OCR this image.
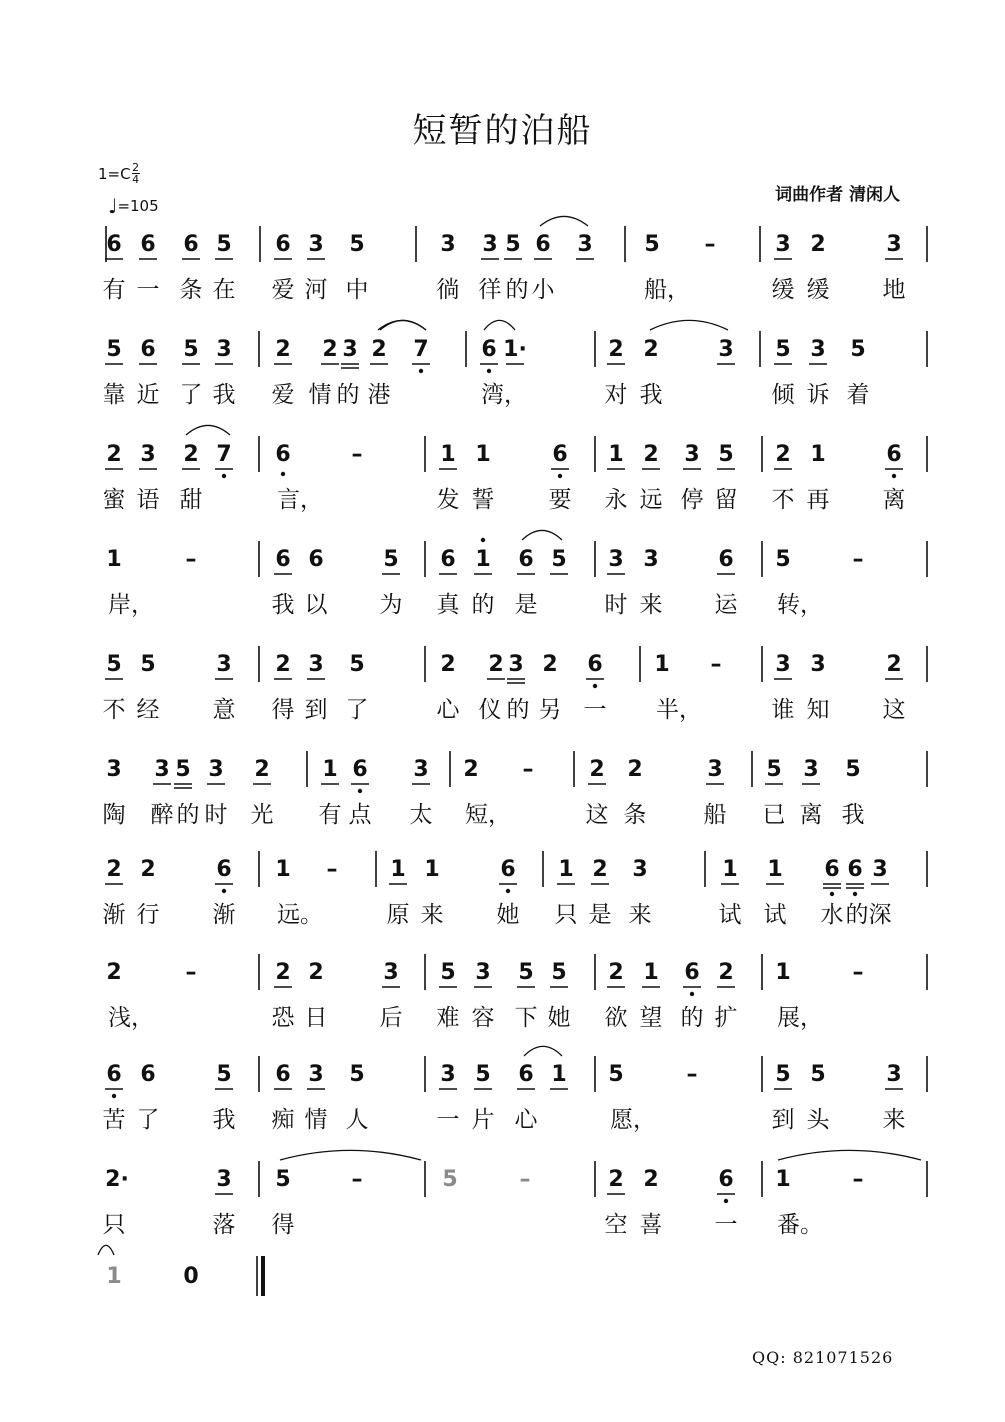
短暂的泊船
$1=C \frac{2}{4}$
♩=105
词曲作者 清闲人
6 6 6 5 6 3 5	3 3 5 6 3 5 –	3 2	3
有 一 条 在 爱 河 中	徜 徉 的 小	船，	缓 缓 地
5 6 5 3 2 2 3 2 7 6 1·	2 2	3 5 3 5
靠 近 了 我 爱 情 的 港	湾，	对 我	倾 诉 着
2 3 2 7 6	–	1 1	6 1 2 3 5 2 1	6
蜜 语 甜	言，	发 誓 要 永 远 停 留 不 再 离
1	–	6 6	5 6 1 6 5 3 3	6 5	–
岸，	我 以 为 真 的 是	时 来 运 转，
5 5	3 2 3 5	2 2 3 2 6 1 – 3 3	2
不 经 意 得 到 了	心 仪 的 另 一 半，	谁 知 这
3 3 5 3 2 1 6 3 2 –	2 2	3 5 3 5
陶 醉 的 时 光 有 点 太 短，	这 条 船 已 离 我
2 2	6 1 – 1 1	6 1 2 3	1 1 6 6 3
渐 行 渐 远。	原 来 她 只 是 来	试 试 水 的 深
2	–	2 2	3 5 3 5 5 2 1 6 2 1	–
浅，	恐 日 后 难 容 下 她 欲 望 的 扩 展，
6 6	5 6 3 5	3 5 6 1 5	–	5 5	3
苦 了 我 痴 情 人	一 片 心	愿，	到 头 来
2·	3 5	–	5	–	2 2	6 1	–
只	落 得	空 喜 一 番。
1	0
QQ: 821071526
